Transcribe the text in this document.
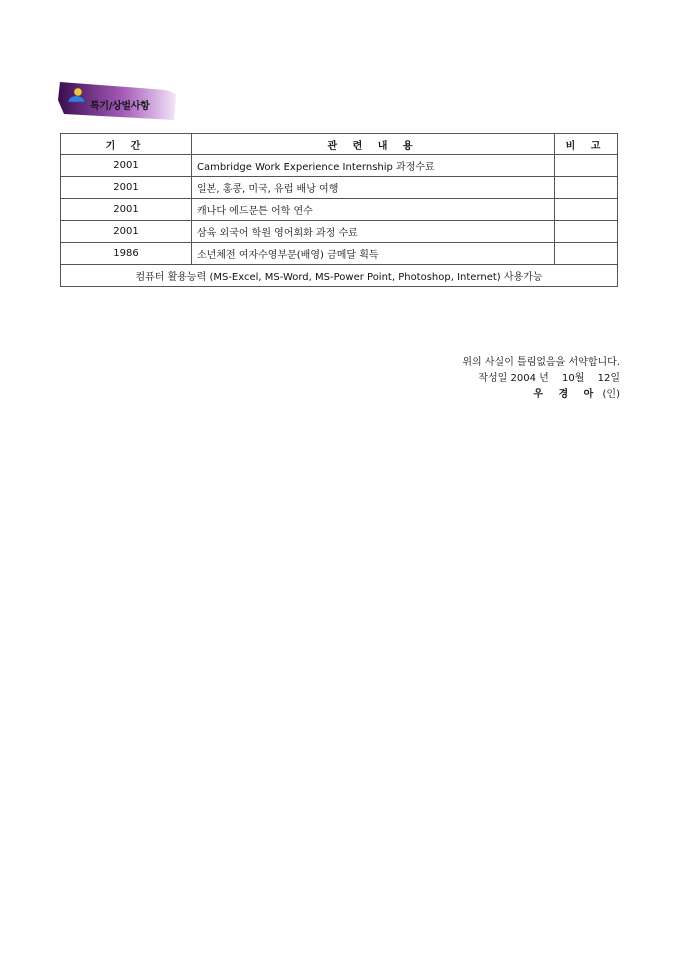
특기/상벌사항
기 간	관 련 내 용	비 고
2001	Cambridge Work Experience Internship 과정수료	
2001	일본, 홍콩, 미국, 유럽 배낭 여행	
2001	캐나다 에드문튼 어학 연수	
2001	삼육 외국어 학원 영어회화 과정 수료	
1986	소년체전 여자수영부문(배영) 금메달 획득	
컴퓨터 활용능력 (MS-Excel, MS-Word, MS-Power Point, Photoshop, Internet) 사용가능		
위의 사실이 틀림없음을 서약합니다.
작성일 2004 년 10월 12일
우 경 아 (인)
